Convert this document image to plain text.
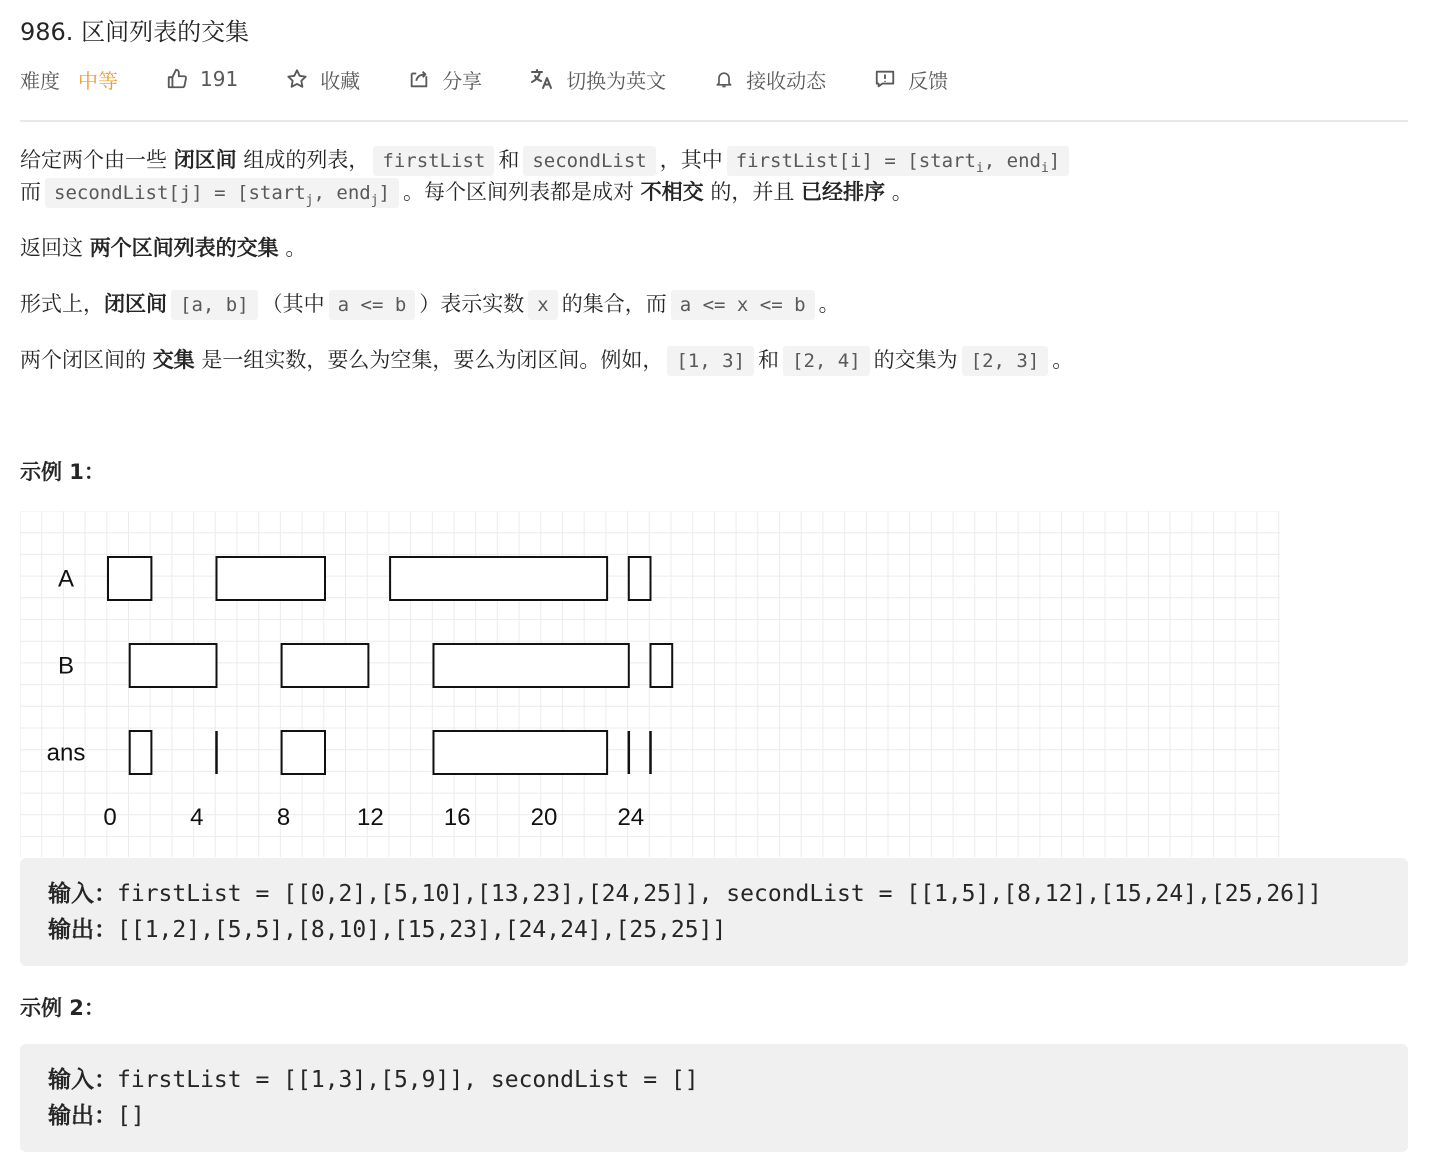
986. 区间列表的交集
难度 中等	191	收藏	分享	切换为英文	接收动态	反馈
给定两个由一些 闭区间 组成的列表， firstList 和 secondList ，其中 firstList[i] = [start$_i$, end$_i$]
而 secondList[j] = [start$_j$, end$_j$] 。每个区间列表都是成对 不相交 的，并且 已经排序 。
返回这 两个区间列表的交集 。
形式上，闭区间 [a, b] （其中 a <= b ）表示实数 x 的集合，而 a <= x <= b 。
两个闭区间的 交集 是一组实数，要么为空集，要么为闭区间。例如， [1, 3] 和 [2, 4] 的交集为 [2, 3] 。
示例 1：
A
B
ans
0	4	8	12	16	20	24
输入：firstList = [[0,2],[5,10],[13,23],[24,25]], secondList = [[1,5],[8,12],[15,24],[25,26]]
输出：[[1,2],[5,5],[8,10],[15,23],[24,24],[25,25]]
示例 2：
输入：firstList = [[1,3],[5,9]], secondList = []
输出：[]
